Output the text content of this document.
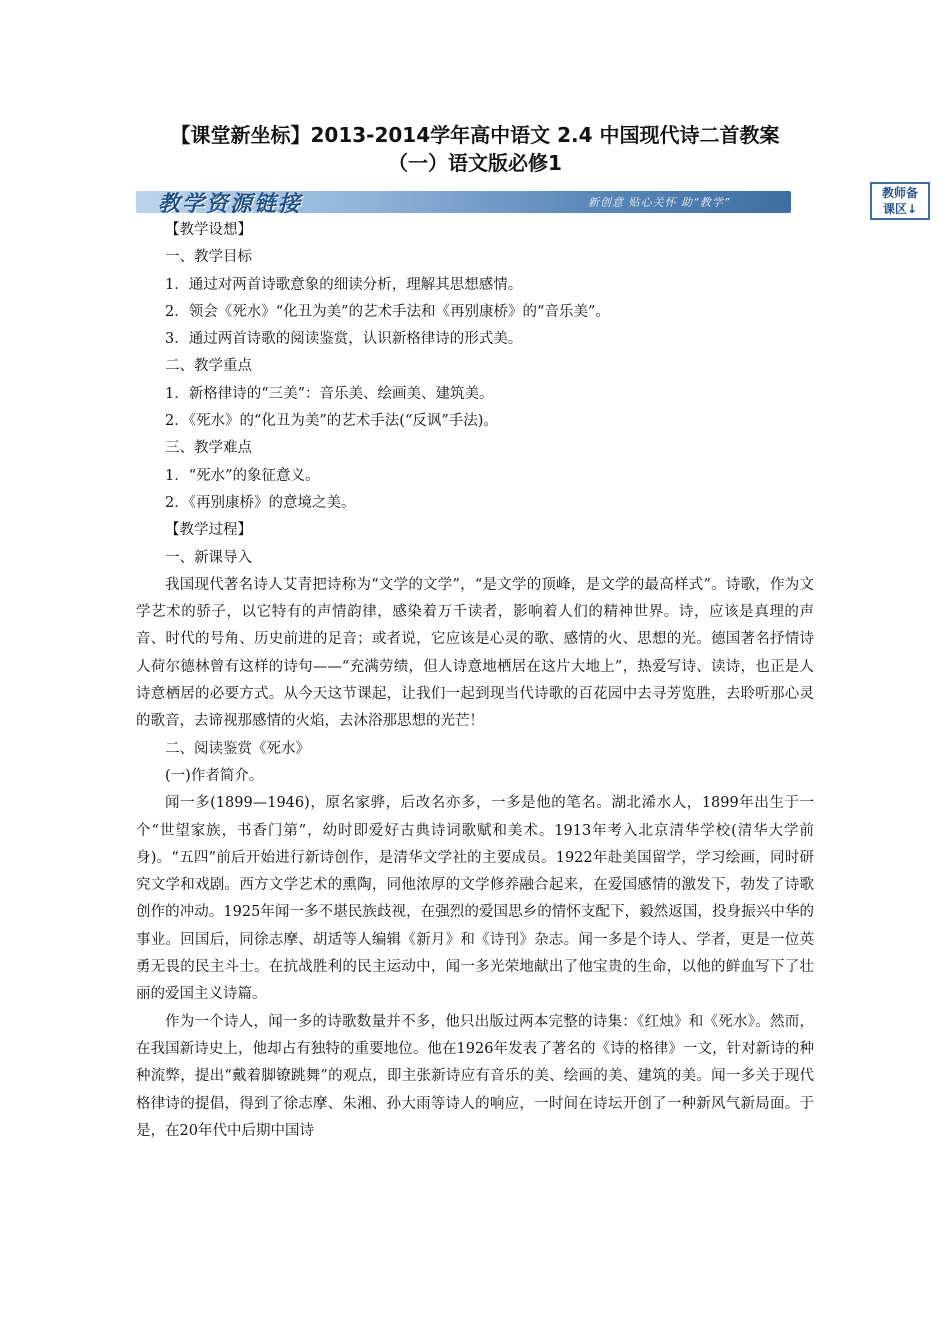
【课堂新坐标】2013-2014学年高中语文 2.4 中国现代诗二首教案
（一）语文版必修1
教学资源链接	新创意 贴心关怀 助“教学”
教师备
课区↓

【教学设想】

一、教学目标

1．通过对两首诗歌意象的细读分析，理解其思想感情。

2．领会《死水》“化丑为美”的艺术手法和《再别康桥》的“音乐美”。

3．通过两首诗歌的阅读鉴赏，认识新格律诗的形式美。

二、教学重点

1．新格律诗的“三美”：音乐美、绘画美、建筑美。

2．《死水》的“化丑为美”的艺术手法(“反讽”手法)。

三、教学难点

1．“死水”的象征意义。

2．《再别康桥》的意境之美。

【教学过程】

一、新课导入

我国现代著名诗人艾青把诗称为“文学的文学”，“是文学的顶峰，是文学的最高样式”。诗歌，作为文学艺术的骄子，以它特有的声情韵律，感染着万千读者，影响着人们的精神世界。诗，应该是真理的声音、时代的号角、历史前进的足音；或者说，它应该是心灵的歌、感情的火、思想的光。德国著名抒情诗人荷尔德林曾有这样的诗句——“充满劳绩，但人诗意地栖居在这片大地上”，热爱写诗、读诗，也正是人诗意栖居的必要方式。从今天这节课起，让我们一起到现当代诗歌的百花园中去寻芳览胜，去聆听那心灵的歌音，去谛视那感情的火焰，去沐浴那思想的光芒！

二、阅读鉴赏《死水》

(一)作者简介。

闻一多(1899—1946)，原名家骅，后改名亦多，一多是他的笔名。湖北浠水人，1899年出生于一个“世望家族，书香门第”，幼时即爱好古典诗词歌赋和美术。1913年考入北京清华学校(清华大学前身)。“五四”前后开始进行新诗创作，是清华文学社的主要成员。1922年赴美国留学，学习绘画，同时研究文学和戏剧。西方文学艺术的熏陶，同他浓厚的文学修养融合起来，在爱国感情的激发下，勃发了诗歌创作的冲动。1925年闻一多不堪民族歧视，在强烈的爱国思乡的情怀支配下，毅然返国，投身振兴中华的事业。回国后，同徐志摩、胡适等人编辑《新月》和《诗刊》杂志。闻一多是个诗人、学者，更是一位英勇无畏的民主斗士。在抗战胜利的民主运动中，闻一多光荣地献出了他宝贵的生命，以他的鲜血写下了壮丽的爱国主义诗篇。

作为一个诗人，闻一多的诗歌数量并不多，他只出版过两本完整的诗集：《红烛》和《死水》。然而，在我国新诗史上，他却占有独特的重要地位。他在1926年发表了著名的《诗的格律》一文，针对新诗的种种流弊，提出“戴着脚镣跳舞”的观点，即主张新诗应有音乐的美、绘画的美、建筑的美。闻一多关于现代格律诗的提倡，得到了徐志摩、朱湘、孙大雨等诗人的响应，一时间在诗坛开创了一种新风气新局面。于是，在20年代中后期中国诗
